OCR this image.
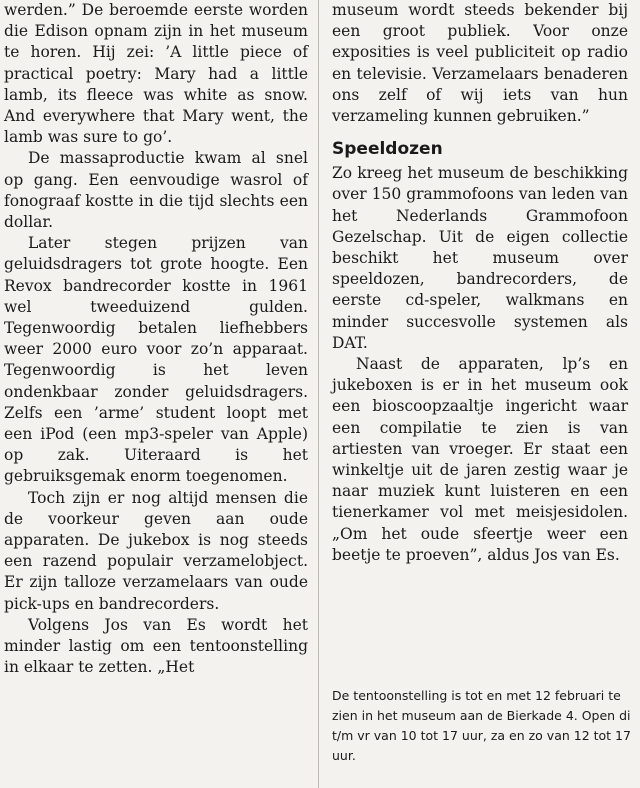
werden.” De beroemde eerste worden die Edison opnam zijn in het museum te horen. Hij zei: ’A little piece of practical poetry: Mary had a little lamb, its fleece was white as snow. And everywhere that Mary went, the lamb was sure to go’.

De massaproductie kwam al snel op gang. Een eenvoudige wasrol of fonograaf kostte in die tijd slechts een dollar.

Later stegen prijzen van geluidsdragers tot grote hoogte. Een Revox bandrecorder kostte in 1961 wel tweeduizend gulden. Tegenwoordig betalen liefhebbers weer 2000 euro voor zo’n apparaat. Tegenwoordig is het leven ondenkbaar zonder geluidsdragers. Zelfs een ’arme’ student loopt met een iPod (een mp3-speler van Apple) op zak. Uiteraard is het gebruiksgemak enorm toegenomen.

Toch zijn er nog altijd mensen die de voorkeur geven aan oude apparaten. De jukebox is nog steeds een razend populair verzamelobject. Er zijn talloze verzamelaars van oude pick-ups en bandrecorders.

Volgens Jos van Es wordt het minder lastig om een tentoonstelling in elkaar te zetten. „Het

museum wordt steeds bekender bij een groot publiek. Voor onze exposities is veel publiciteit op radio en televisie. Verzamelaars benaderen ons zelf of wij iets van hun verzameling kunnen gebruiken.”

Speeldozen

Zo kreeg het museum de beschikking over 150 grammofoons van leden van het Nederlands Grammofoon Gezelschap. Uit de eigen collectie beschikt het museum over speeldozen, bandrecorders, de eerste cd-speler, walkmans en minder succesvolle systemen als DAT.

Naast de apparaten, lp’s en jukeboxen is er in het museum ook een bioscoopzaaltje ingericht waar een compilatie te zien is van artiesten van vroeger. Er staat een winkeltje uit de jaren zestig waar je naar muziek kunt luisteren en een tienerkamer vol met meisjesidolen. „Om het oude sfeertje weer een beetje te proeven”, aldus Jos van Es.

De tentoonstelling is tot en met 12 februari te zien in het museum aan de Bierkade 4. Open di t/m vr van 10 tot 17 uur, za en zo van 12 tot 17 uur.
